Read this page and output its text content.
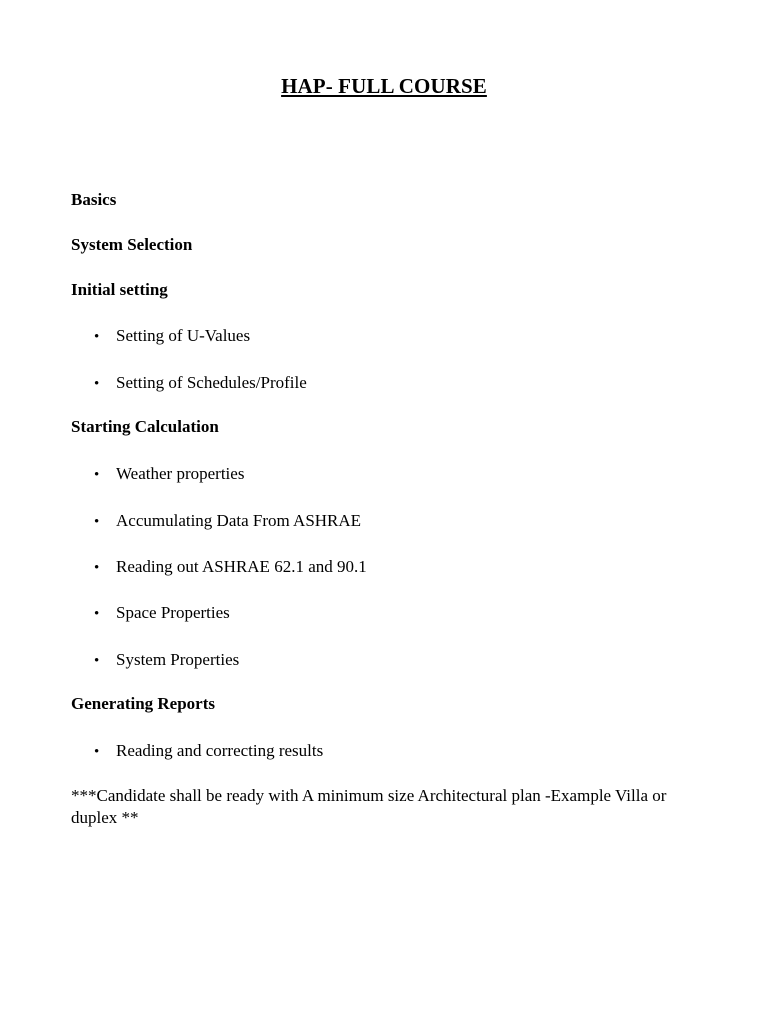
HAP- FULL COURSE
Basics
System Selection
Initial setting
• Setting of U-Values
• Setting of Schedules/Profile
Starting Calculation
• Weather properties
• Accumulating Data From ASHRAE
• Reading out ASHRAE 62.1 and 90.1
• Space Properties
• System Properties
Generating Reports
• Reading and correcting results
***Candidate shall be ready with A minimum size Architectural plan -Example Villa or duplex **
